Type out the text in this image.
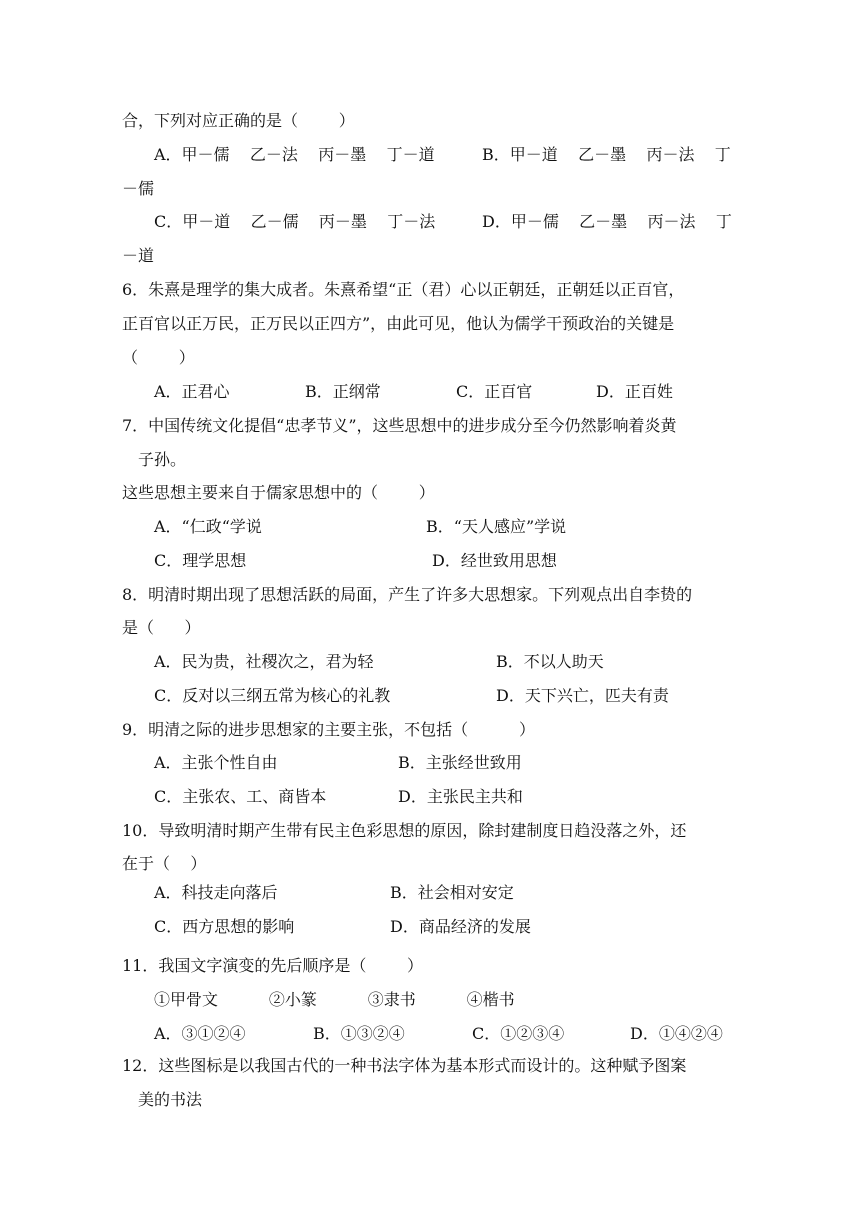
合，下列对应正确的是（        ）
A．甲－儒    乙－法    丙－墨    丁－道	B．甲－道    乙－墨    丙－法    丁
－儒
C．甲－道    乙－儒    丙－墨    丁－法	D．甲－儒    乙－墨    丙－法    丁
－道
6．朱熹是理学的集大成者。朱熹希望“正（君）心以正朝廷，正朝廷以正百官，
正百官以正万民，正万民以正四方”，由此可见，他认为儒学干预政治的关键是
（        ）
A．正君心	B．正纲常	C．正百官	D．正百姓
7．中国传统文化提倡“忠孝节义”，这些思想中的进步成分至今仍然影响着炎黄
子孙。
这些思想主要来自于儒家思想中的（        ）
A．“仁政“学说	B．“天人感应”学说
C．理学思想	D．经世致用思想
8．明清时期出现了思想活跃的局面，产生了许多大思想家。下列观点出自李贽的
是（      ）
A．民为贵，社稷次之，君为轻	B．不以人助天
C．反对以三纲五常为核心的礼教	D．天下兴亡，匹夫有责
9．明清之际的进步思想家的主要主张，不包括（          ）
A．主张个性自由	B．主张经世致用
C．主张农、工、商皆本	D．主张民主共和
10．导致明清时期产生带有民主色彩思想的原因，除封建制度日趋没落之外，还
在于（    ）
A．科技走向落后	B．社会相对安定
C．西方思想的影响	D．商品经济的发展
11．我国文字演变的先后顺序是（        ）
①甲骨文          ②小篆          ③隶书          ④楷书
A．③①②④	B．①③②④	C．①②③④	D．①④②④
12．这些图标是以我国古代的一种书法字体为基本形式而设计的。这种赋予图案
美的书法
